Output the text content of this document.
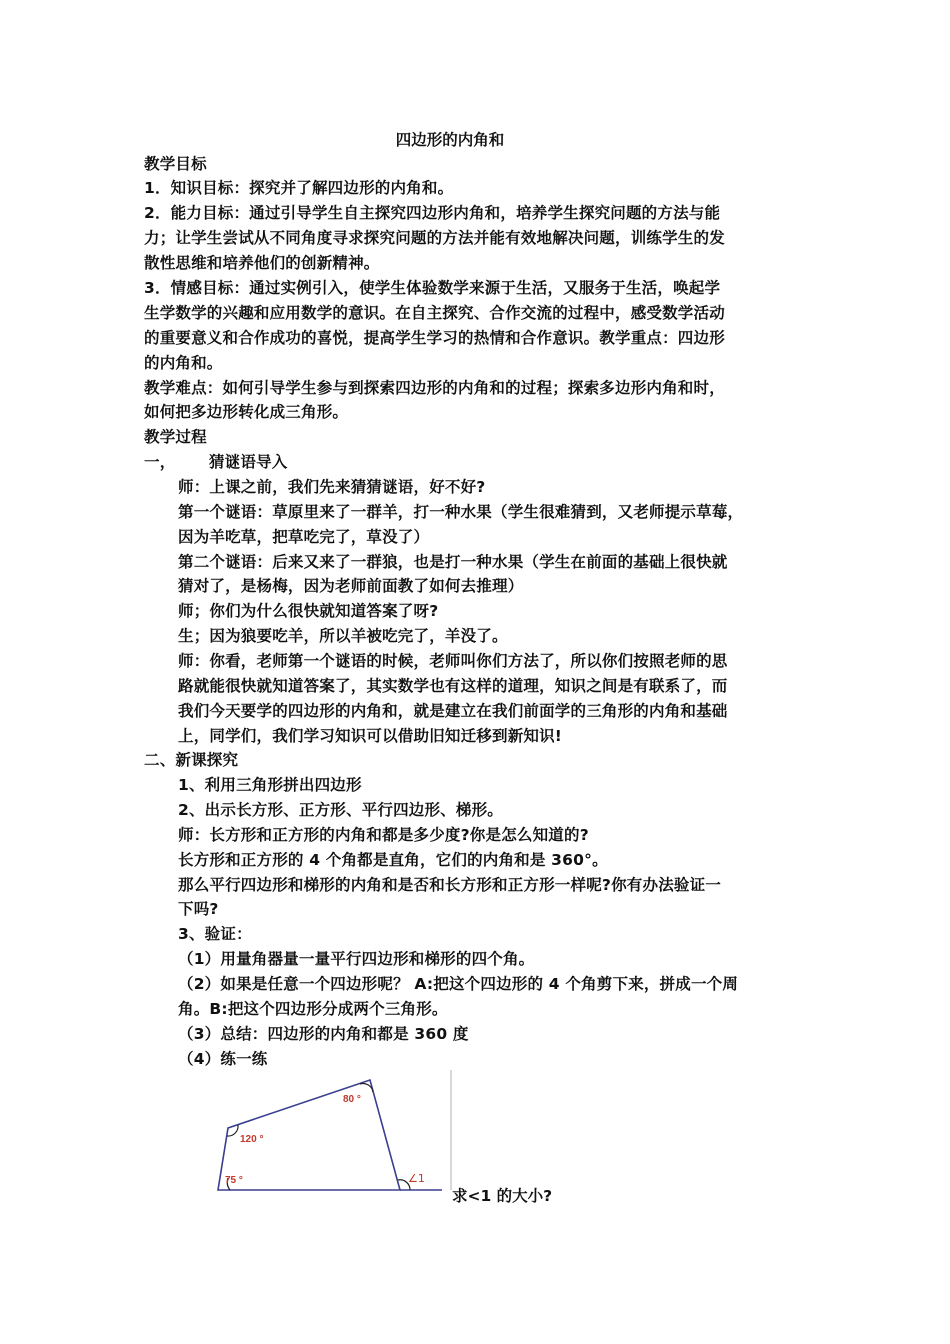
四边形的内角和
教学目标
1．知识目标：探究并了解四边形的内角和。
2．能力目标：通过引导学生自主探究四边形内角和，培养学生探究问题的方法与能
力；让学生尝试从不同角度寻求探究问题的方法并能有效地解决问题，训练学生的发
散性思维和培养他们的创新精神。
3．情感目标：通过实例引入，使学生体验数学来源于生活，又服务于生活，唤起学
生学数学的兴趣和应用数学的意识。在自主探究、合作交流的过程中，感受数学活动
的重要意义和合作成功的喜悦，提高学生学习的热情和合作意识。教学重点：四边形
的内角和。
教学难点：如何引导学生参与到探索四边形的内角和的过程；探索多边形内角和时，
如何把多边形转化成三角形。
教学过程
一，      猜谜语导入
师：上课之前，我们先来猜猜谜语，好不好?
第一个谜语：草原里来了一群羊，打一种水果（学生很难猜到，又老师提示草莓，
因为羊吃草，把草吃完了，草没了）
第二个谜语：后来又来了一群狼，也是打一种水果（学生在前面的基础上很快就
猜对了，是杨梅，因为老师前面教了如何去推理）
师；你们为什么很快就知道答案了呀?
生；因为狼要吃羊，所以羊被吃完了，羊没了。
师：你看，老师第一个谜语的时候，老师叫你们方法了，所以你们按照老师的思
路就能很快就知道答案了，其实数学也有这样的道理，知识之间是有联系了，而
我们今天要学的四边形的内角和，就是建立在我们前面学的三角形的内角和基础
上，同学们，我们学习知识可以借助旧知迁移到新知识!
二、新课探究
1、利用三角形拼出四边形
2、出示长方形、正方形、平行四边形、梯形。
师：长方形和正方形的内角和都是多少度?你是怎么知道的?
长方形和正方形的 4 个角都是直角，它们的内角和是 360°。
那么平行四边形和梯形的内角和是否和长方形和正方形一样呢?你有办法验证一
下吗?
3、验证：
（1）用量角器量一量平行四边形和梯形的四个角。
（2）如果是任意一个四边形呢？ A:把这个四边形的 4 个角剪下来，拼成一个周
角。B:把这个四边形分成两个三角形。
（3）总结：四边形的内角和都是 360 度
（4）练一练
80 °
120 °
75 °	∠1
求<1 的大小?
